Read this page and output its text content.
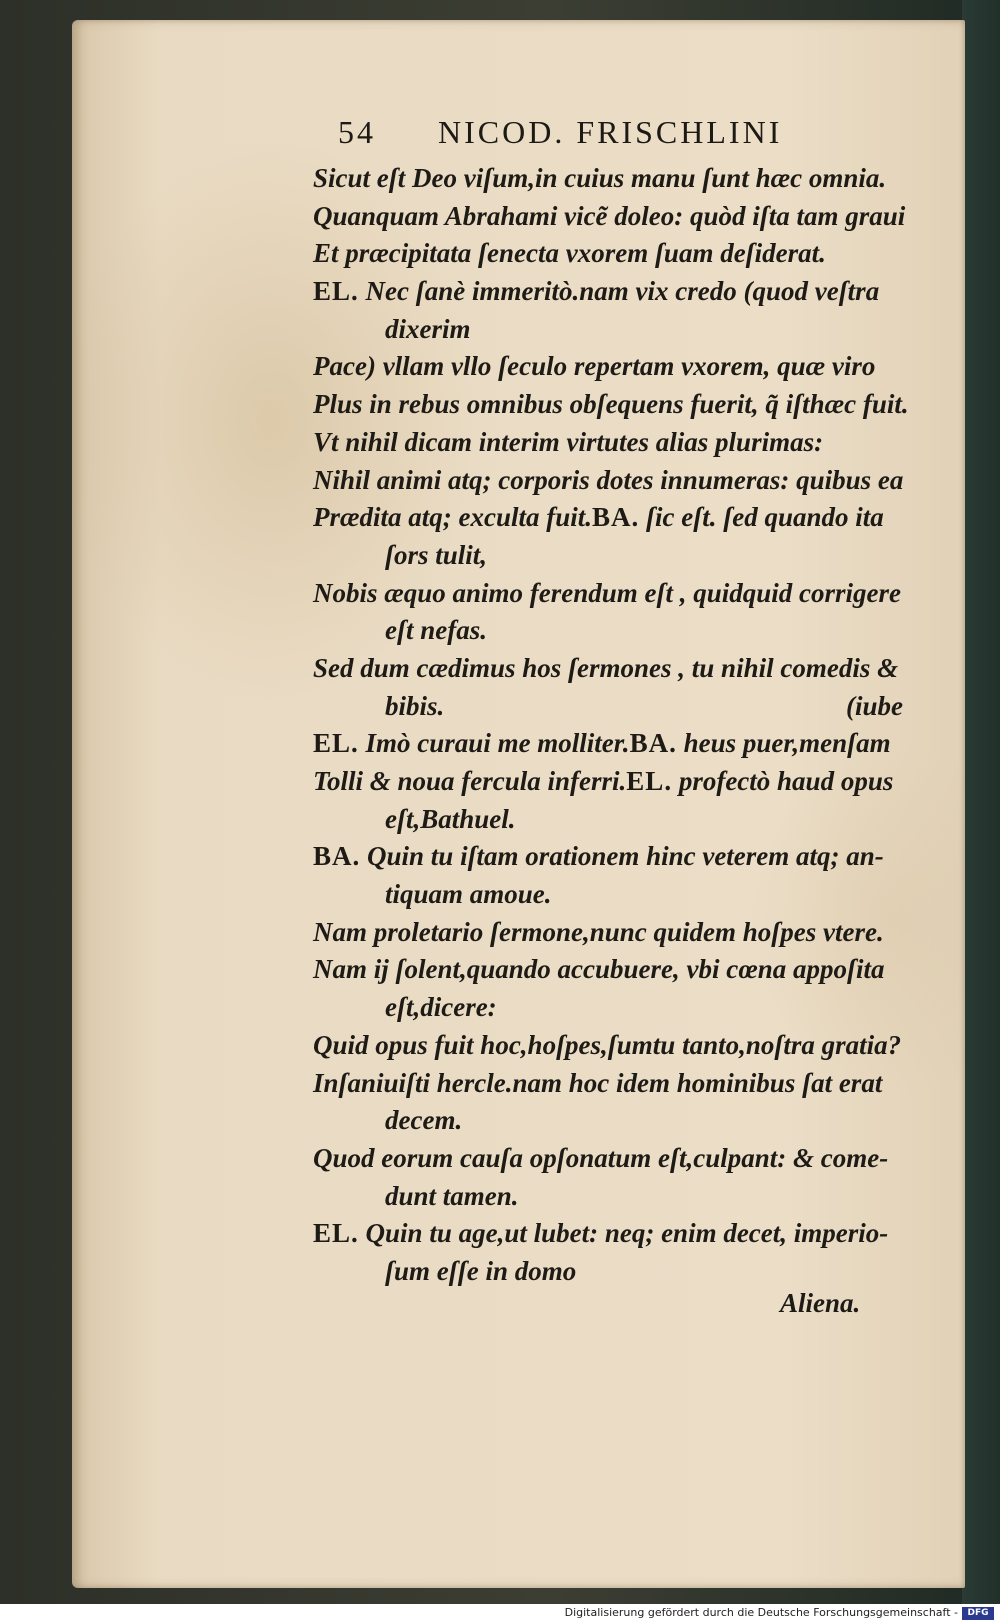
54 NICOD. FRISCHLINI
Sicut eſt Deo viſum,in cuius manu ſunt hæc omnia.
Quanquam Abrahami vicẽ doleo: quòd iſta tam graui
Et præcipitata ſenecta vxorem ſuam deſiderat.
EL. Nec ſanè immeritò.nam vix credo (quod veſtra
dixerim
Pace) vllam vllo ſeculo repertam vxorem, quæ viro
Plus in rebus omnibus obſequens fuerit, q̃ iſthæc fuit.
Vt nihil dicam interim virtutes alias plurimas:
Nihil animi atq; corporis dotes innumeras: quibus ea
Prædita atq; exculta fuit.BA. ſic eſt. ſed quando ita
ſors tulit,
Nobis æquo animo ferendum eſt , quidquid corrigere
eſt nefas.
Sed dum cædimus hos ſermones , tu nihil comedis &
(iube
bibis.
EL. Imò curaui me molliter.BA. heus puer,menſam
Tolli & noua fercula inferri.EL. profectò haud opus
eſt,Bathuel.
BA. Quin tu iſtam orationem hinc veterem atq; an-
tiquam amoue.
Nam proletario ſermone,nunc quidem hoſpes vtere.
Nam ij ſolent,quando accubuere, vbi cœna appoſita
eſt,dicere:
Quid opus fuit hoc,hoſpes,ſumtu tanto,noſtra gratia?
Inſaniuiſti hercle.nam hoc idem hominibus ſat erat
decem.
Quod eorum cauſa opſonatum eſt,culpant: & come-
dunt tamen.
EL. Quin tu age,ut lubet: neq; enim decet, imperio-
ſum eſſe in domo
Aliena.
Digitalisierung gefördert durch die Deutsche Forschungsgemeinschaft -	DFG
